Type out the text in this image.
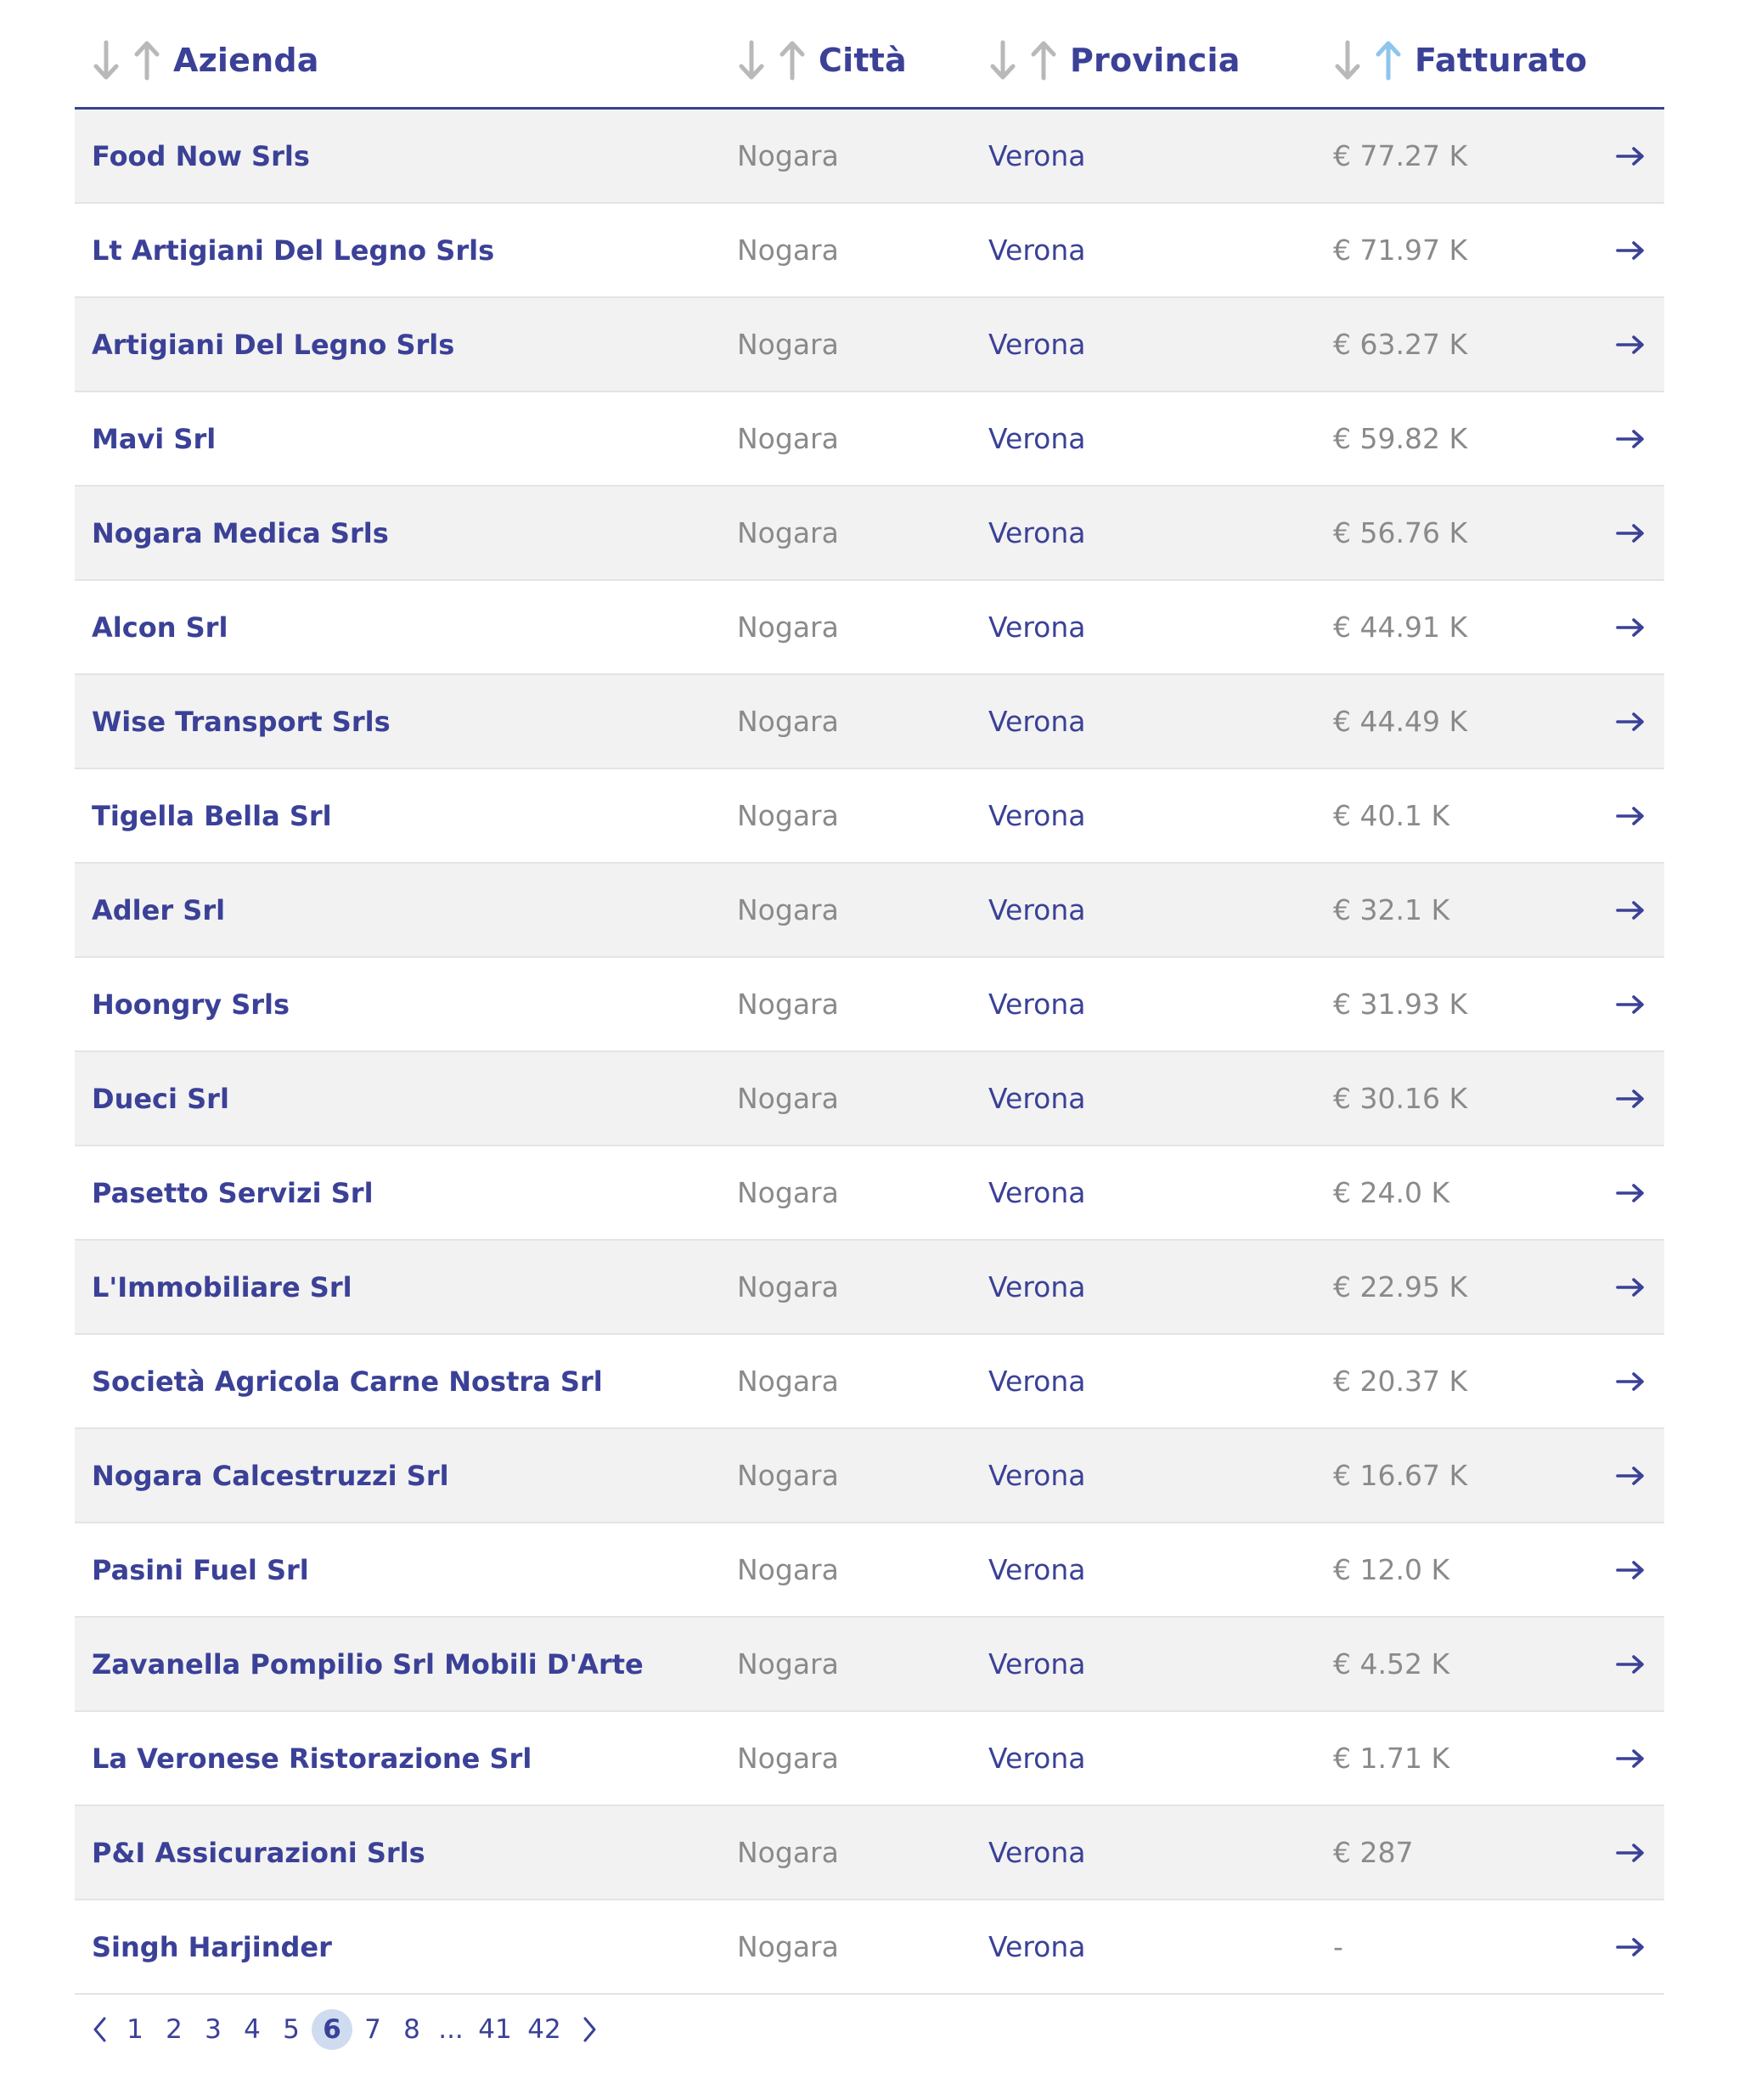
Azienda	Città	Provincia	Fatturato
Food Now Srls	Nogara	Verona	€ 77.27 K
Lt Artigiani Del Legno Srls	Nogara	Verona	€ 71.97 K
Artigiani Del Legno Srls	Nogara	Verona	€ 63.27 K
Mavi Srl	Nogara	Verona	€ 59.82 K
Nogara Medica Srls	Nogara	Verona	€ 56.76 K
Alcon Srl	Nogara	Verona	€ 44.91 K
Wise Transport Srls	Nogara	Verona	€ 44.49 K
Tigella Bella Srl	Nogara	Verona	€ 40.1 K
Adler Srl	Nogara	Verona	€ 32.1 K
Hoongry Srls	Nogara	Verona	€ 31.93 K
Dueci Srl	Nogara	Verona	€ 30.16 K
Pasetto Servizi Srl	Nogara	Verona	€ 24.0 K
L'Immobiliare Srl	Nogara	Verona	€ 22.95 K
Società Agricola Carne Nostra Srl	Nogara	Verona	€ 20.37 K
Nogara Calcestruzzi Srl	Nogara	Verona	€ 16.67 K
Pasini Fuel Srl	Nogara	Verona	€ 12.0 K
Zavanella Pompilio Srl Mobili D'Arte	Nogara	Verona	€ 4.52 K
La Veronese Ristorazione Srl	Nogara	Verona	€ 1.71 K
P&I Assicurazioni Srls	Nogara	Verona	€ 287
Singh Harjinder	Nogara	Verona	-
1 2 3 4 5 6 7 8 ... 41 42
